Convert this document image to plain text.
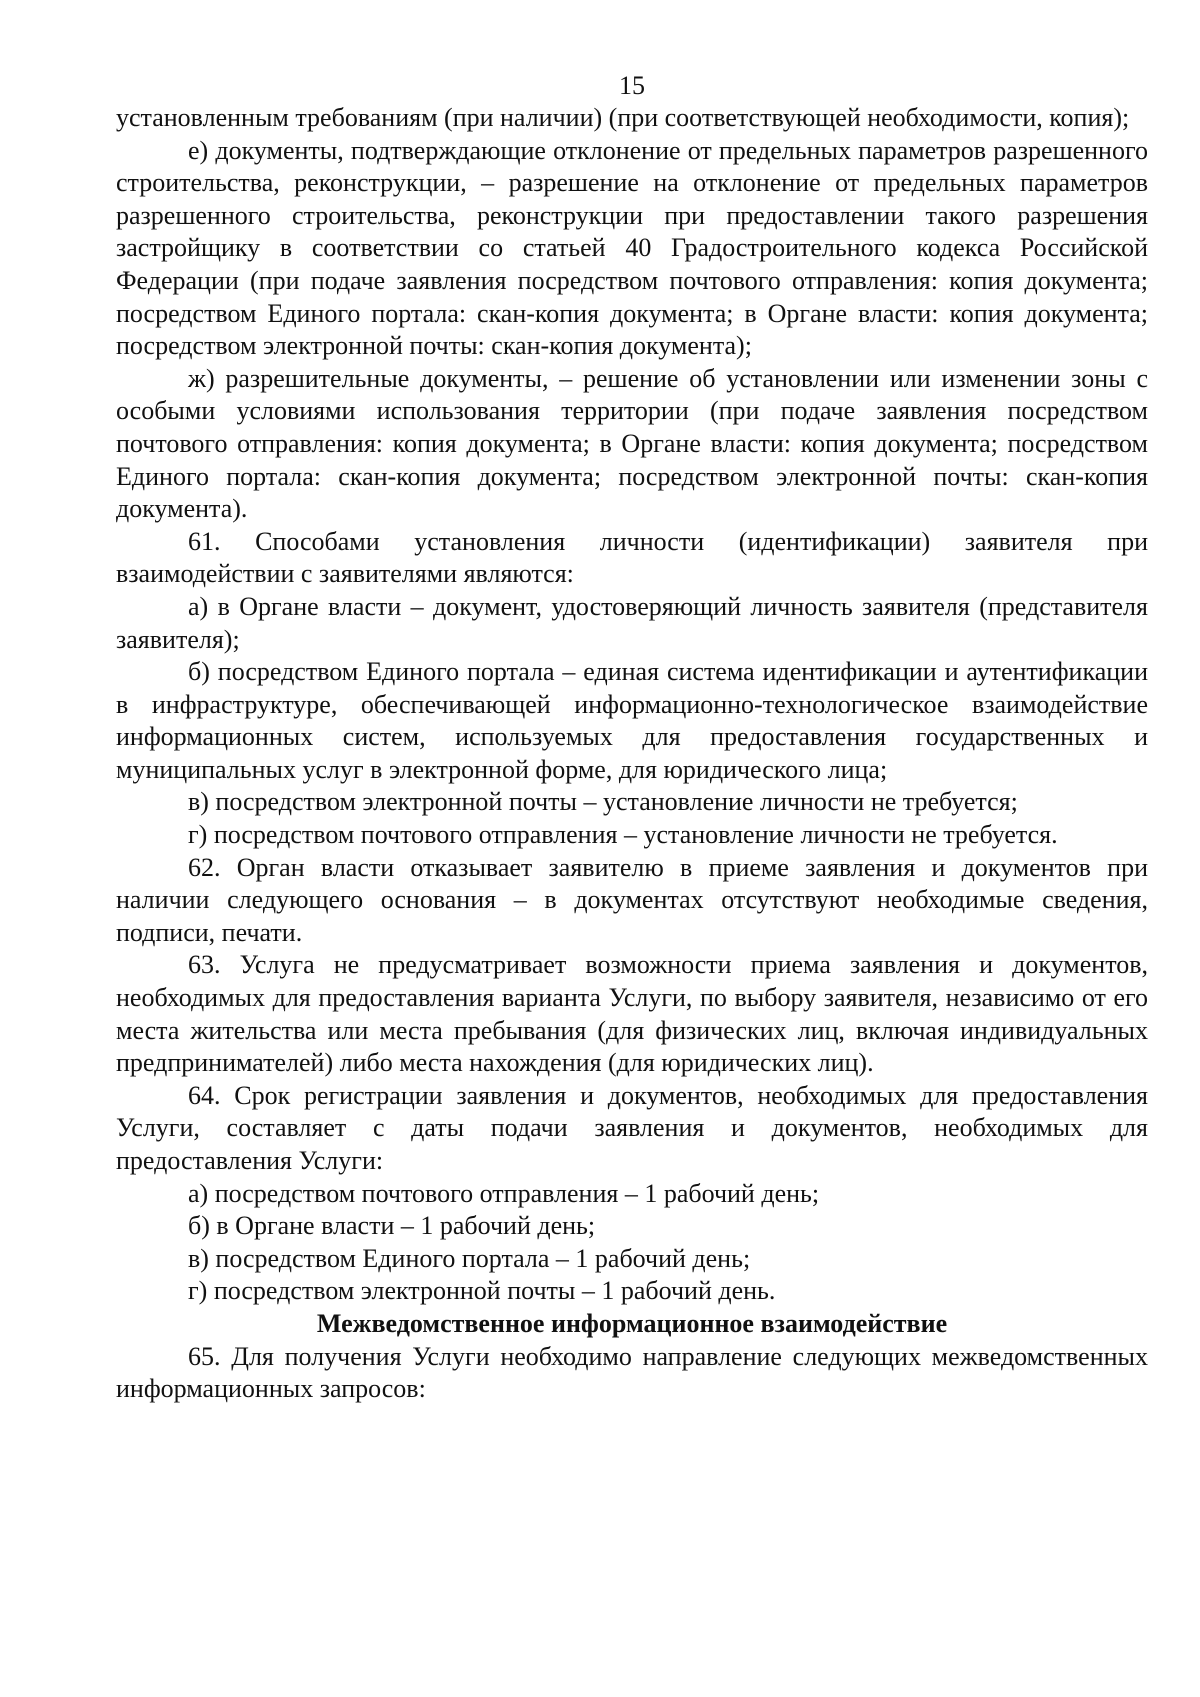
15

установленным требованиям (при наличии) (при соответствующей необходимости, копия);

е) документы, подтверждающие отклонение от предельных параметров разрешенного строительства, реконструкции, – разрешение на отклонение от предельных параметров разрешенного строительства, реконструкции при предоставлении такого разрешения застройщику в соответствии со статьей 40 Градостроительного кодекса Российской Федерации (при подаче заявления посредством почтового отправления: копия документа; посредством Единого портала: скан-копия документа; в Органе власти: копия документа; посредством электронной почты: скан-копия документа);

ж) разрешительные документы, – решение об установлении или изменении зоны с особыми условиями использования территории (при подаче заявления посредством почтового отправления: копия документа; в Органе власти: копия документа; посредством Единого портала: скан-копия документа; посредством электронной почты: скан-копия документа).

61. Способами установления личности (идентификации) заявителя при взаимодействии с заявителями являются:

а) в Органе власти – документ, удостоверяющий личность заявителя (представителя заявителя);

б) посредством Единого портала – единая система идентификации и аутентификации в инфраструктуре, обеспечивающей информационно-технологическое взаимодействие информационных систем, используемых для предоставления государственных и муниципальных услуг в электронной форме, для юридического лица;

в) посредством электронной почты – установление личности не требуется;

г) посредством почтового отправления – установление личности не требуется.

62. Орган власти отказывает заявителю в приеме заявления и документов при наличии следующего основания – в документах отсутствуют необходимые сведения, подписи, печати.

63. Услуга не предусматривает возможности приема заявления и документов, необходимых для предоставления варианта Услуги, по выбору заявителя, независимо от его места жительства или места пребывания (для физических лиц, включая индивидуальных предпринимателей) либо места нахождения (для юридических лиц).

64. Срок регистрации заявления и документов, необходимых для предоставления Услуги, составляет с даты подачи заявления и документов, необходимых для предоставления Услуги:

а) посредством почтового отправления – 1 рабочий день;

б) в Органе власти – 1 рабочий день;

в) посредством Единого портала – 1 рабочий день;

г) посредством электронной почты – 1 рабочий день.

Межведомственное информационное взаимодействие

65. Для получения Услуги необходимо направление следующих межведомственных информационных запросов:
